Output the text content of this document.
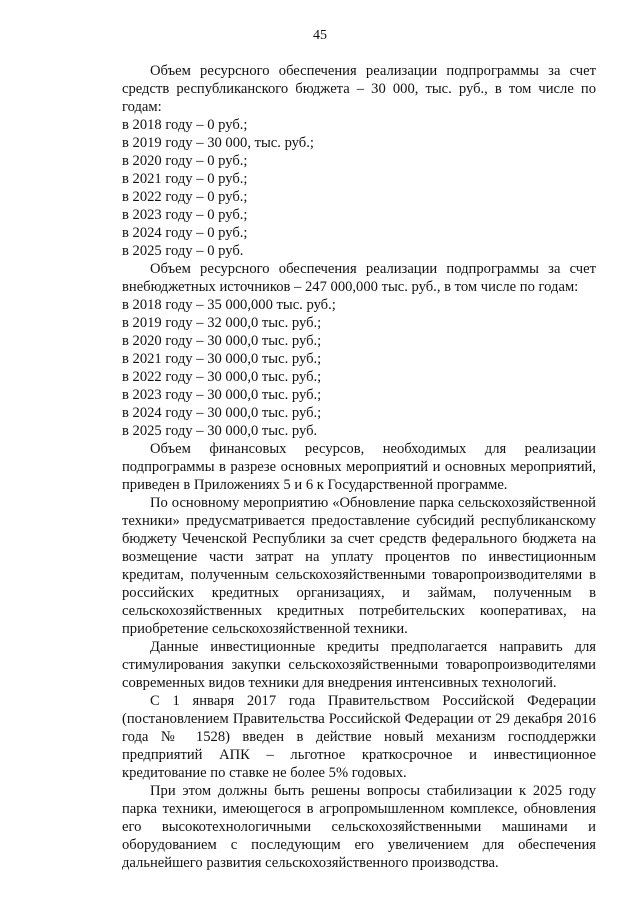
45

Объем ресурсного обеспечения реализации подпрограммы за счет средств республиканского бюджета – 30 000, тыс. руб., в том числе по годам:

в 2018 году – 0 руб.;

в 2019 году – 30 000, тыс. руб.;

в 2020 году – 0 руб.;

в 2021 году – 0 руб.;

в 2022 году – 0 руб.;

в 2023 году – 0 руб.;

в 2024 году – 0 руб.;

в 2025 году – 0 руб.

Объем ресурсного обеспечения реализации подпрограммы за счет внебюджетных источников – 247 000,000 тыс. руб., в том числе по годам:

в 2018 году – 35 000,000 тыс. руб.;

в 2019 году – 32 000,0 тыс. руб.;

в 2020 году – 30 000,0 тыс. руб.;

в 2021 году – 30 000,0 тыс. руб.;

в 2022 году – 30 000,0 тыс. руб.;

в 2023 году – 30 000,0 тыс. руб.;

в 2024 году – 30 000,0 тыс. руб.;

в 2025 году – 30 000,0 тыс. руб.

Объем финансовых ресурсов, необходимых для реализации подпрограммы в разрезе основных мероприятий и основных мероприятий, приведен в Приложениях 5 и 6 к Государственной программе.

По основному мероприятию «Обновление парка сельскохозяйственной техники» предусматривается предоставление субсидий республиканскому бюджету Чеченской Республики за счет средств федерального бюджета на возмещение части затрат на уплату процентов по инвестиционным кредитам, полученным сельскохозяйственными товаропроизводителями в российских кредитных организациях, и займам, полученным в сельскохозяйственных кредитных потребительских кооперативах, на приобретение сельскохозяйственной техники.

Данные инвестиционные кредиты предполагается направить для стимулирования закупки сельскохозяйственными товаропроизводителями современных видов техники для внедрения интенсивных технологий.

С 1 января 2017 года Правительством Российской Федерации (постановлением Правительства Российской Федерации от 29 декабря 2016 года № 1528) введен в действие новый механизм господдержки предприятий АПК – льготное краткосрочное и инвестиционное кредитование по ставке не более 5% годовых.

При этом должны быть решены вопросы стабилизации к 2025 году парка техники, имеющегося в агропромышленном комплексе, обновления его высокотехнологичными сельскохозяйственными машинами и оборудованием с последующим его увеличением для обеспечения дальнейшего развития сельскохозяйственного производства.
